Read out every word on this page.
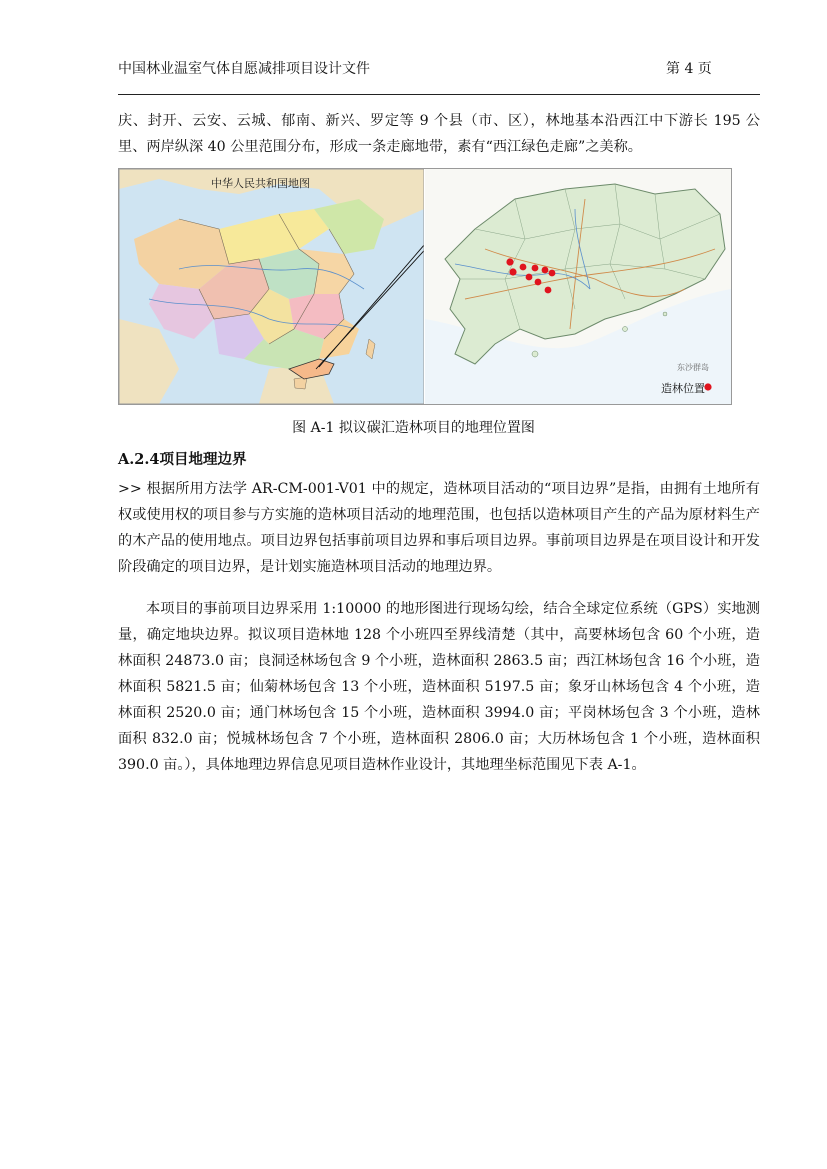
中国林业温室气体自愿减排项目设计文件	第 4 页
庆、封开、云安、云城、郁南、新兴、罗定等 9 个县（市、区），林地基本沿西江中下游长 195 公里、两岸纵深 40 公里范围分布，形成一条走廊地带，素有“西江绿色走廊”之美称。
中华人民共和国地图
东沙群岛
造林位置
图 A-1 拟议碳汇造林项目的地理位置图
A.2.4项目地理边界
>> 根据所用方法学 AR-CM-001-V01 中的规定，造林项目活动的“项目边界”是指，由拥有土地所有权或使用权的项目参与方实施的造林项目活动的地理范围，也包括以造林项目产生的产品为原材料生产的木产品的使用地点。项目边界包括事前项目边界和事后项目边界。事前项目边界是在项目设计和开发阶段确定的项目边界，是计划实施造林项目活动的地理边界。
本项目的事前项目边界采用 1:10000 的地形图进行现场勾绘，结合全球定位系统（GPS）实地测量，确定地块边界。拟议项目造林地 128 个小班四至界线清楚（其中，高要林场包含 60 个小班，造林面积 24873.0 亩；良洞迳林场包含 9 个小班，造林面积 2863.5 亩；西江林场包含 16 个小班，造林面积 5821.5 亩；仙菊林场包含 13 个小班，造林面积 5197.5 亩；象牙山林场包含 4 个小班，造林面积 2520.0 亩；通门林场包含 15 个小班，造林面积 3994.0 亩；平岗林场包含 3 个小班，造林面积 832.0 亩；悦城林场包含 7 个小班，造林面积 2806.0 亩；大历林场包含 1 个小班，造林面积 390.0 亩。），具体地理边界信息见项目造林作业设计，其地理坐标范围见下表 A-1。
